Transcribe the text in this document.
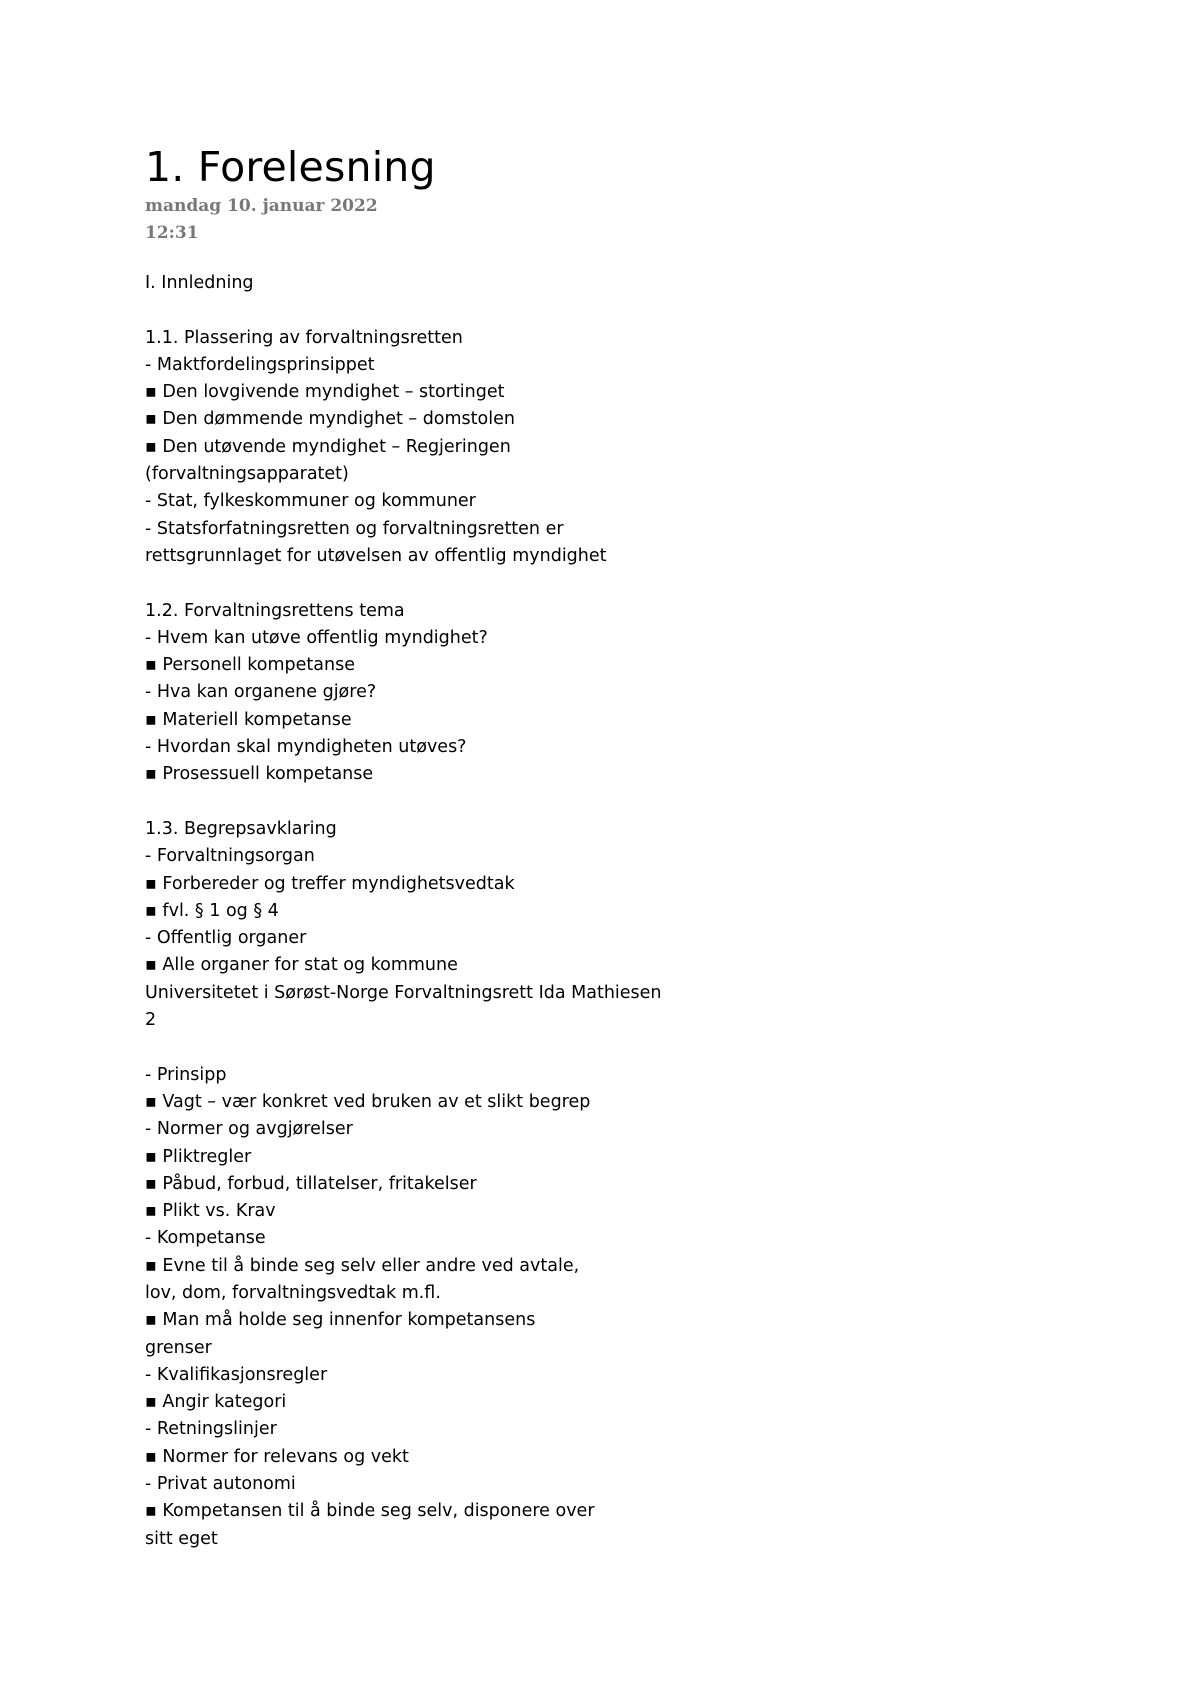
1. Forelesning
mandag 10. januar 2022
12:31
I. Innledning
1.1. Plassering av forvaltningsretten
- Maktfordelingsprinsippet
▪ Den lovgivende myndighet – stortinget
▪ Den dømmende myndighet – domstolen
▪ Den utøvende myndighet – Regjeringen
(forvaltningsapparatet)
- Stat, fylkeskommuner og kommuner
- Statsforfatningsretten og forvaltningsretten er
rettsgrunnlaget for utøvelsen av offentlig myndighet
1.2. Forvaltningsrettens tema
- Hvem kan utøve offentlig myndighet?
▪ Personell kompetanse
- Hva kan organene gjøre?
▪ Materiell kompetanse
- Hvordan skal myndigheten utøves?
▪ Prosessuell kompetanse
1.3. Begrepsavklaring
- Forvaltningsorgan
▪ Forbereder og treffer myndighetsvedtak
▪ fvl. § 1 og § 4
- Offentlig organer
▪ Alle organer for stat og kommune
Universitetet i Sørøst-Norge Forvaltningsrett Ida Mathiesen
2
- Prinsipp
▪ Vagt – vær konkret ved bruken av et slikt begrep
- Normer og avgjørelser
▪ Pliktregler
▪ Påbud, forbud, tillatelser, fritakelser
▪ Plikt vs. Krav
- Kompetanse
▪ Evne til å binde seg selv eller andre ved avtale,
lov, dom, forvaltningsvedtak m.fl.
▪ Man må holde seg innenfor kompetansens
grenser
- Kvalifikasjonsregler
▪ Angir kategori
- Retningslinjer
▪ Normer for relevans og vekt
- Privat autonomi
▪ Kompetansen til å binde seg selv, disponere over
sitt eget
